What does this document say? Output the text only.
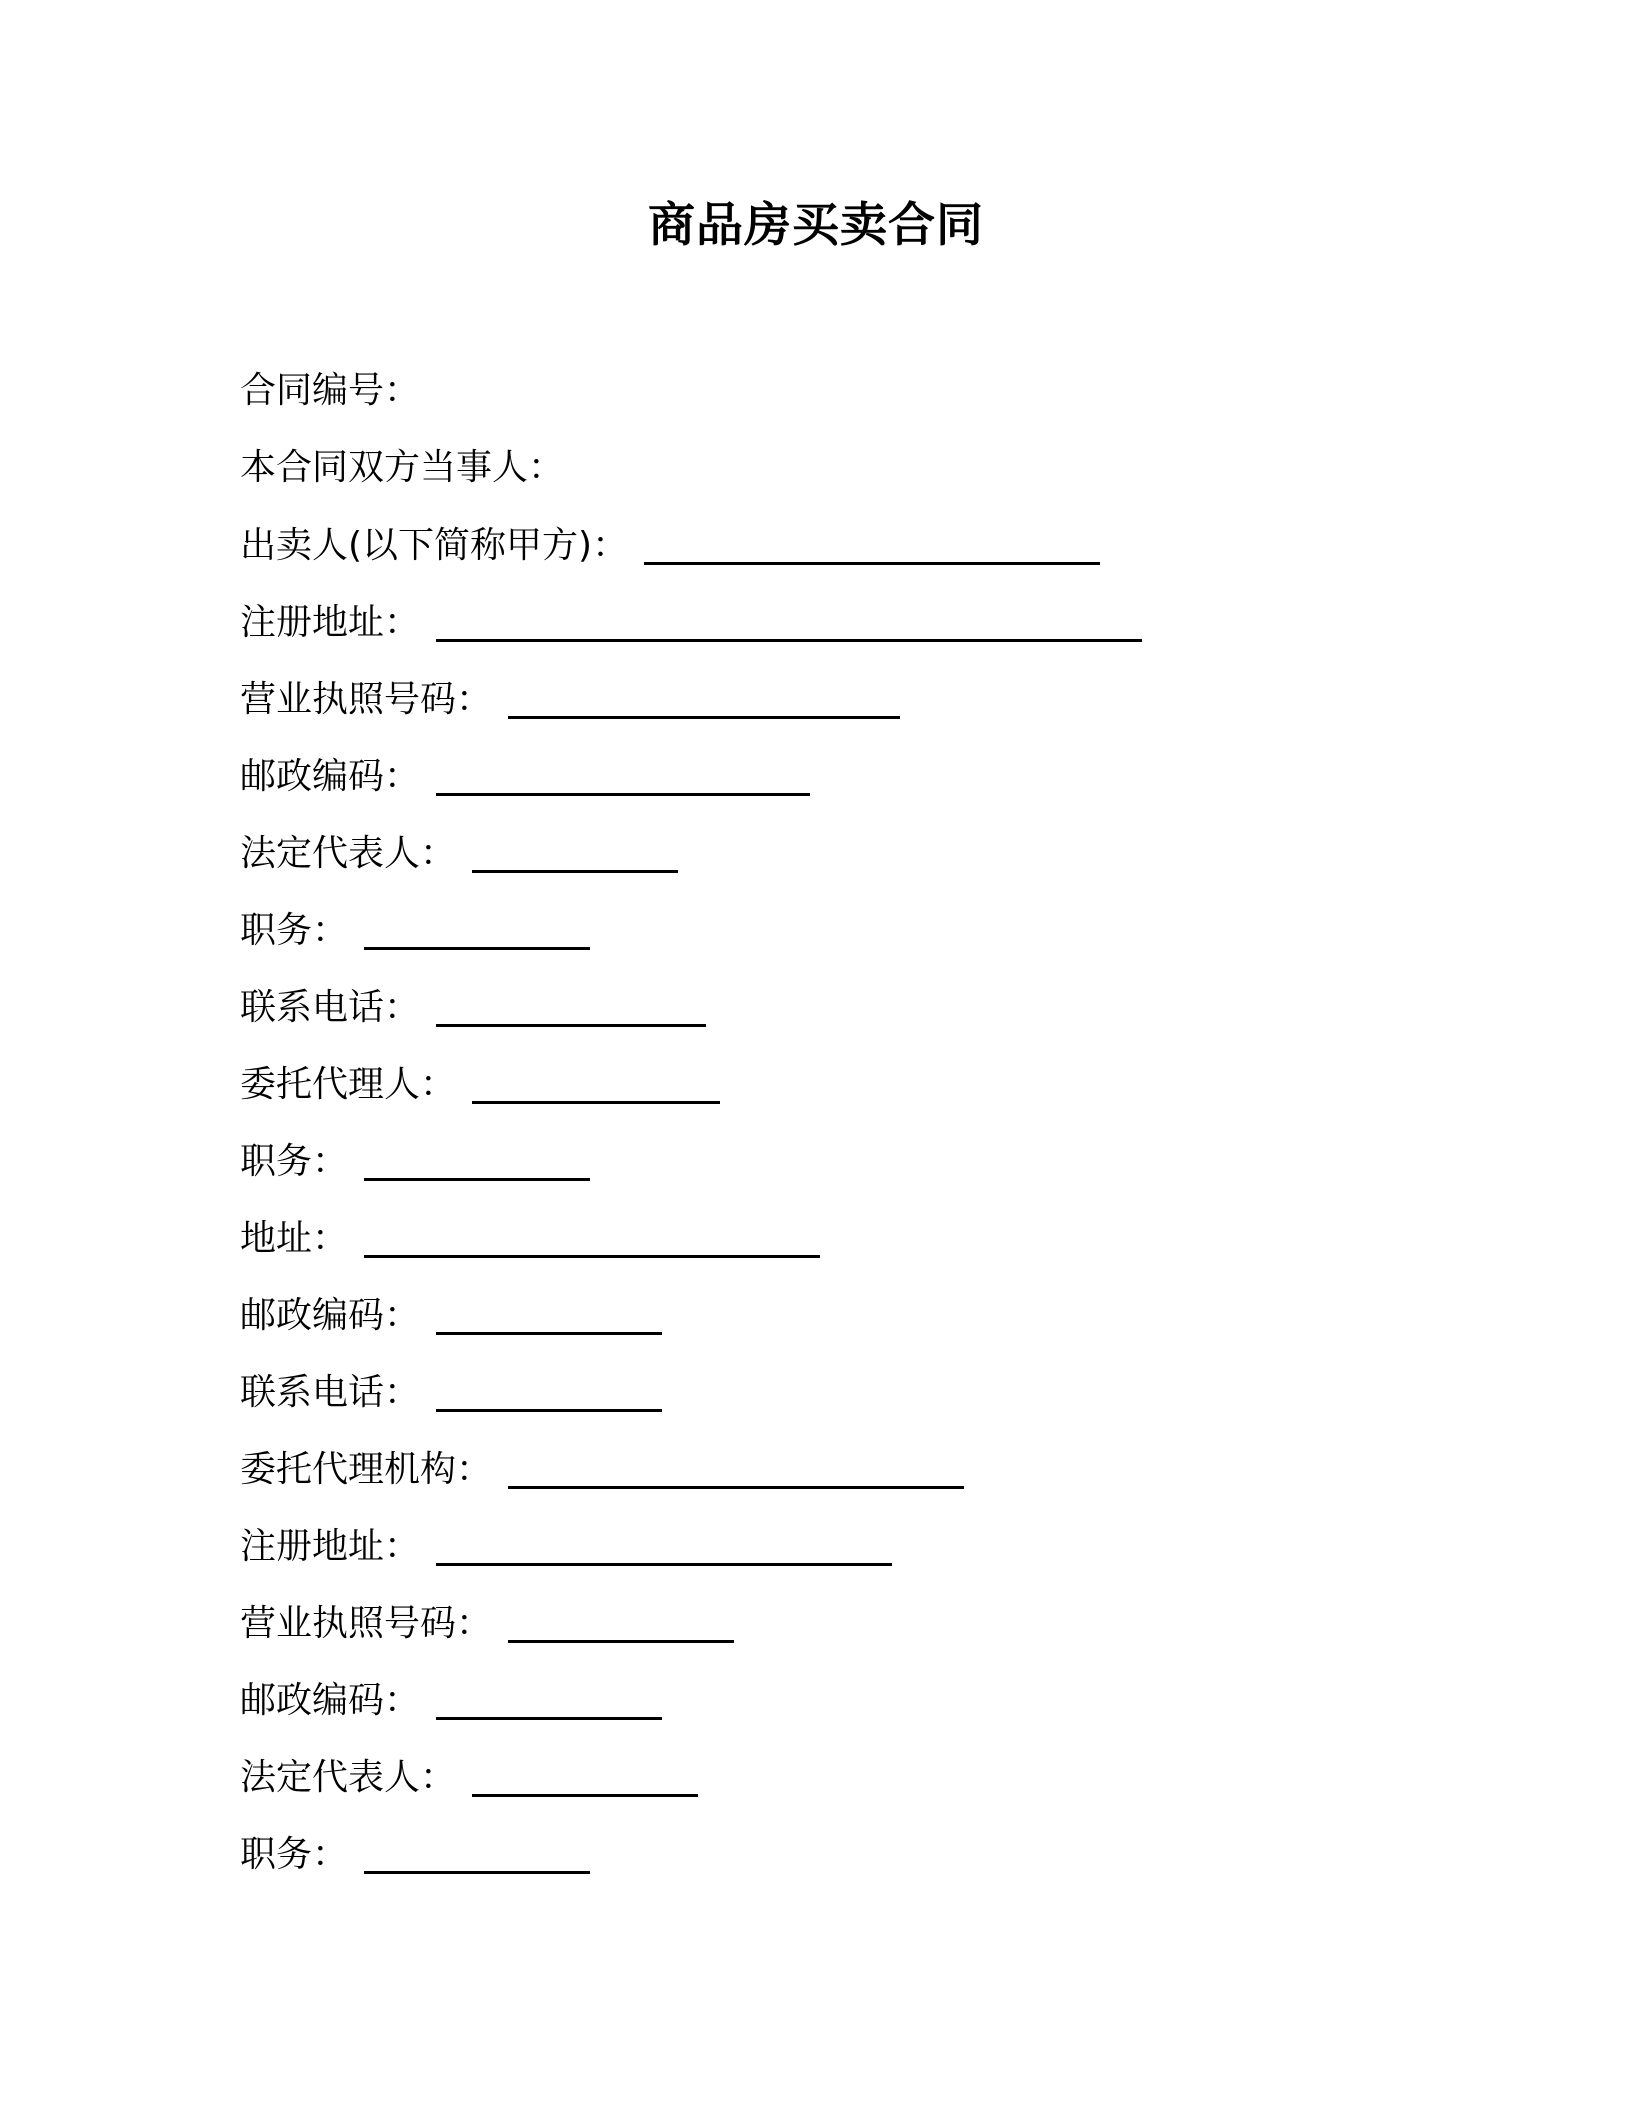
商品房买卖合同
合同编号：
本合同双方当事人：
出卖人(以下简称甲方)：
注册地址：
营业执照号码：
邮政编码：
法定代表人：
职务：
联系电话：
委托代理人：
职务：
地址：
邮政编码：
联系电话：
委托代理机构：
注册地址：
营业执照号码：
邮政编码：
法定代表人：
职务：
